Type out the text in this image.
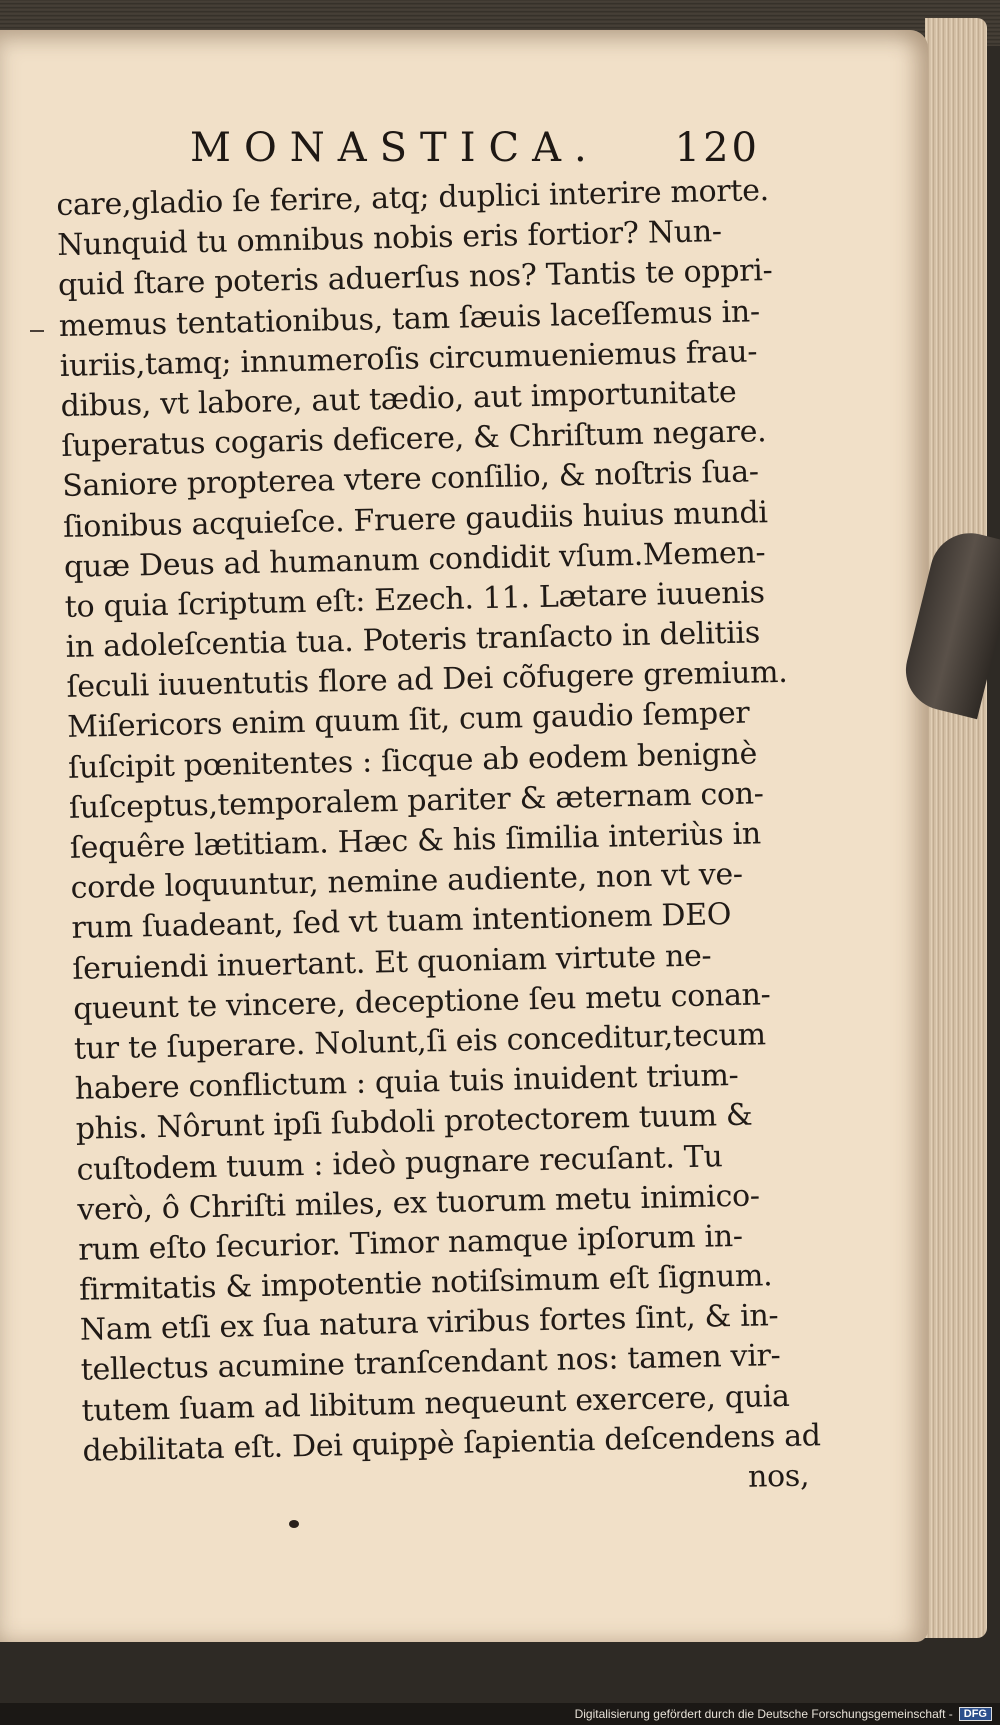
MONASTICA. 120
care,gladio ſe ferire, atq; duplici interire morte.
Nunquid tu omnibus nobis eris fortior? Nun-
quid ſtare poteris aduerſus nos? Tantis te oppri-
memus tentationibus, tam ſæuis laceſſemus in-
iuriis,tamq; innumeroſis circumueniemus frau-
dibus, vt labore, aut tædio, aut importunitate
ſuperatus cogaris deficere, & Chriſtum negare.
Saniore propterea vtere conſilio, & noſtris ſua-
ſionibus acquieſce. Fruere gaudiis huius mundi
quæ Deus ad humanum condidit vſum.Memen-
to quia ſcriptum eſt: Ezech. 11. Lætare iuuenis
in adoleſcentia tua. Poteris tranſacto in delitiis
ſeculi iuuentutis flore ad Dei cõfugere gremium.
Miſericors enim quum ſit, cum gaudio ſemper
ſuſcipit pœnitentes : ſicque ab eodem benignè
ſuſceptus,temporalem pariter & æternam con-
ſequêre lætitiam. Hæc & his ſimilia interiùs in
corde loquuntur, nemine audiente, non vt ve-
rum ſuadeant, ſed vt tuam intentionem DEO
ſeruiendi inuertant. Et quoniam virtute ne-
queunt te vincere, deceptione ſeu metu conan-
tur te ſuperare. Nolunt,ſi eis conceditur,tecum
habere conflictum : quia tuis inuident trium-
phis. Nôrunt ipſi ſubdoli protectorem tuum &
cuſtodem tuum : ideò pugnare recuſant. Tu
verò, ô Chriſti miles, ex tuorum metu inimico-
rum eſto ſecurior. Timor namque ipſorum in-
firmitatis & impotentie notiſsimum eſt ſignum.
Nam etſi ex ſua natura viribus fortes ſint, & in-
tellectus acumine tranſcendant nos: tamen vir-
tutem ſuam ad libitum nequeunt exercere, quia
debilitata eſt. Dei quippè ſapientia deſcendens ad
nos,
Digitalisierung gefördert durch die Deutsche Forschungsgemeinschaft -	DFG
